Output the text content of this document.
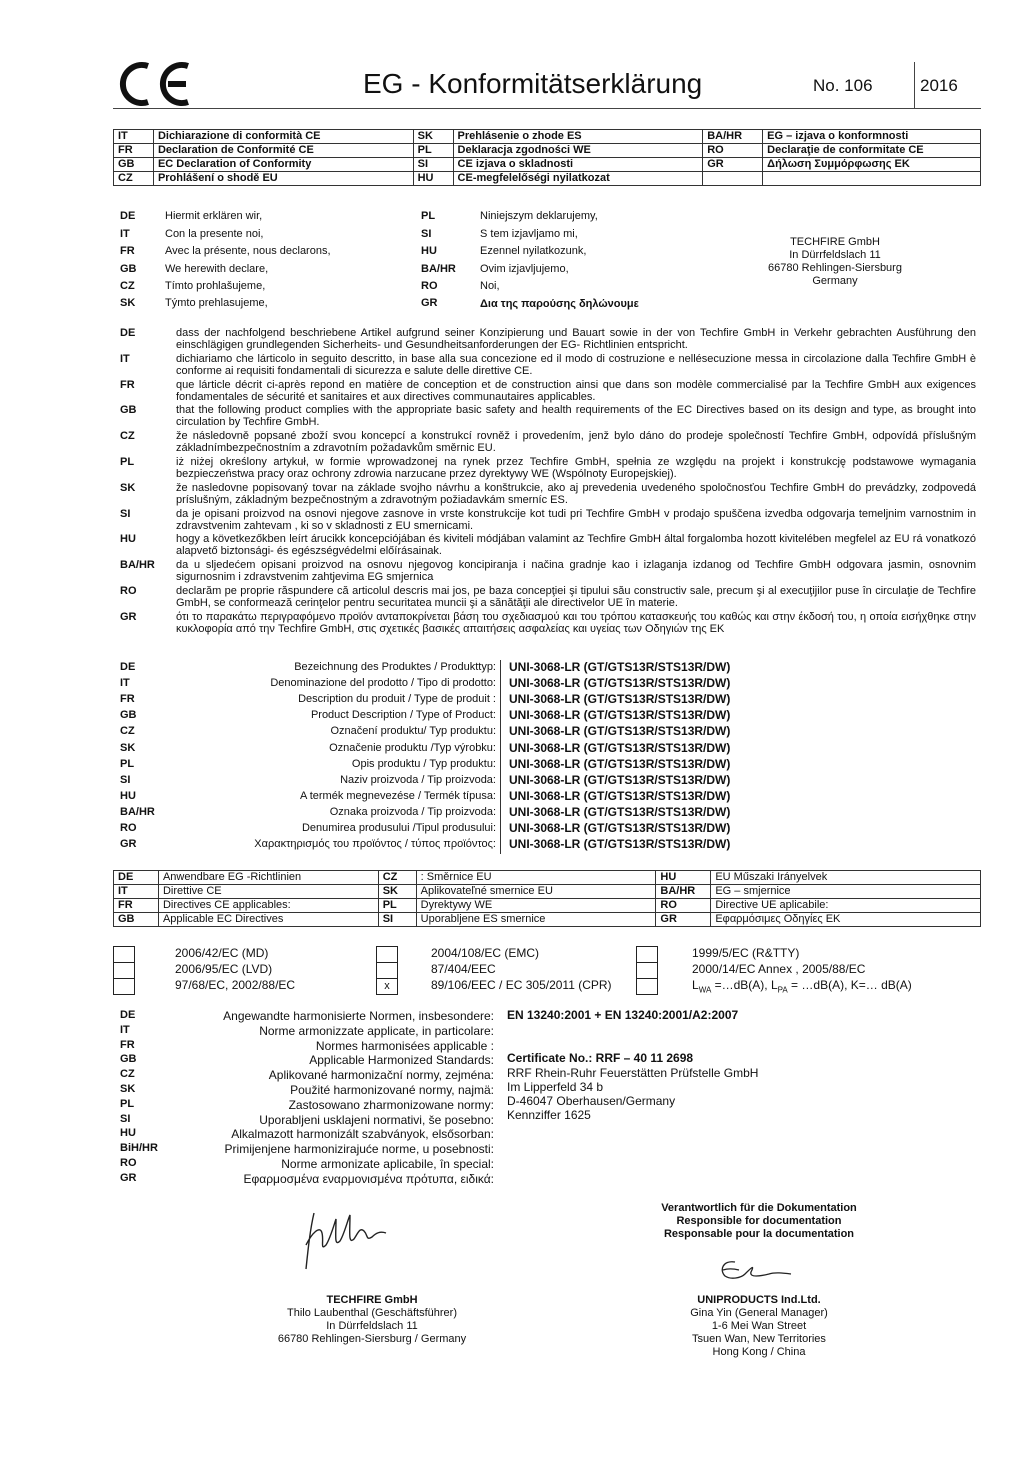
EG - Konformitätserklärung	No. 106	2016
IT	Dichiarazione di conformità CE	SK	Prehlásenie o zhode ES	BA/HR	EG – izjava o konformnosti
FR	Declaration de Conformité CE	PL	Deklaracja zgodności WE	RO	Declaraţie de conformitate CE
GB	EC Declaration of Conformity	SI	CE izjava o skladnosti	GR	Δήλωση Συμμόρφωσης ΕΚ
CZ	Prohlášení o shodě EU	HU	CE-megfelelőségi nyilatkozat		
DE	Hiermit erklären wir,
IT	Con la presente noi,
FR	Avec la présente, nous declarons,
GB	We herewith declare,
CZ	Tímto prohlašujeme,
SK	Týmto prehlasujeme,
PL	Niniejszym deklarujemy,
SI	S tem izjavljamo mi,
HU	Ezennel nyilatkozunk,
BA/HR Ovim izjavljujemo,
RO	Noi,
GR	Δια της παρούσης δηλώνουμε
TECHFIRE GmbH
In Dürrfeldslach 11
66780 Rehlingen-Siersburg
Germany
DE	dass der nachfolgend beschriebene Artikel aufgrund seiner Konzipierung und Bauart sowie in der von Techfire GmbH in Verkehr gebrachten Ausführung den einschlägigen grundlegenden Sicherheits- und Gesundheitsanforderungen der EG- Richtlinien entspricht.
IT	dichiariamo che lárticolo in seguito descritto, in base alla sua concezione ed il modo di costruzione e nellésecuzione messa in circolazione dalla Techfire GmbH è conforme ai requisiti fondamentali di sicurezza e salute delle direttive CE.
FR	que lárticle décrit ci-après repond en matière de conception et de construction ainsi que dans son modèle commercialisé par la Techfire GmbH aux exigences fondamentales de sécurité et sanitaires et aux directives communautaires applicables.
GB	that the following product complies with the appropriate basic safety and health requirements of the EC Directives based on its design and type, as brought into circulation by Techfire GmbH.
CZ	že následovně popsané zboží svou koncepcí a konstrukcí rovněž i provedením, jenž bylo dáno do prodeje společností Techfire GmbH, odpovídá příslušným základnímbezpečnostním a zdravotním požadavkům směrnic EU.
PL	iż niżej określony artykuł, w formie wprowadzonej na rynek przez Techfire GmbH, spełnia ze względu na projekt i konstrukcję podstawowe wymagania bezpieczeństwa pracy oraz ochrony zdrowia narzucane przez dyrektywy WE (Wspólnoty Europejskiej).
SK	že nasledovne popisovaný tovar na základe svojho návrhu a konštrukcie, ako aj prevedenia uvedeného spoločnosťou Techfire GmbH do prevádzky, zodpovedá príslušným, základným bezpečnostným a zdravotným požiadavkám smerníc ES.
SI	da je opisani proizvod na osnovi njegove zasnove in vrste konstrukcije kot tudi pri Techfire GmbH v prodajo spuščena izvedba odgovarja temeljnim varnostnim in zdravstvenim zahtevam , ki so v skladnosti z EU smernicami.
HU	hogy a következőkben leírt árucikk koncepciójában és kiviteli módjában valamint az Techfire GmbH által forgalomba hozott kivitelében megfelel az EU rá vonatkozó alapvető biztonsági- és egészségvédelmi előírásainak.
BA/HR da u sljedećem opisani proizvod na osnovu njegovog koncipiranja i načina gradnje kao i izlaganja izdanog od Techfire GmbH odgovara jasmin, osnovnim sigurnosnim i zdravstvenim zahtjevima EG smjernica
RO	declarăm pe proprie răspundere că articolul descris mai jos, pe baza concepţiei şi tipului său constructiv sale, precum şi al execuţijilor puse în circulaţie de Techfire GmbH, se conformează cerinţelor pentru securitatea muncii şi a sănătăţii ale directivelor UE în materie.
GR	ότι το παρακάτω περιγραφόμενο προϊόν ανταποκρίνεται βάση του σχεδιασμού και του τρόπου κατασκευής του καθώς και στην έκδοσή του, η οποία εισήχθηκε στην κυκλοφορία από την Techfire GmbH, στις σχετικές βασικές απαιτήσεις ασφαλείας και υγείας των Οδηγιών της ΕΚ
DE	Bezeichnung des Produktes / Produkttyp: UNI-3068-LR (GT/GTS13R/STS13R/DW)
IT	Denominazione del prodotto / Tipo di prodotto: UNI-3068-LR (GT/GTS13R/STS13R/DW)
FR	Description du produit / Type de produit : UNI-3068-LR (GT/GTS13R/STS13R/DW)
GB	Product Description / Type of Product: UNI-3068-LR (GT/GTS13R/STS13R/DW)
CZ	Označení produktu/ Typ produktu: UNI-3068-LR (GT/GTS13R/STS13R/DW)
SK	Označenie produktu /Typ výrobku: UNI-3068-LR (GT/GTS13R/STS13R/DW)
PL	Opis produktu / Typ produktu: UNI-3068-LR (GT/GTS13R/STS13R/DW)
SI	Naziv proizvoda / Tip proizvoda: UNI-3068-LR (GT/GTS13R/STS13R/DW)
HU	A termék megnevezése / Termék típusa: UNI-3068-LR (GT/GTS13R/STS13R/DW)
BA/HR	Oznaka proizvoda / Tip proizvoda: UNI-3068-LR (GT/GTS13R/STS13R/DW)
RO	Denumirea produsului /Tipul produsului: UNI-3068-LR (GT/GTS13R/STS13R/DW)
GR	Χαρακτηρισμός του προϊόντος / τύπος προϊόντος: UNI-3068-LR (GT/GTS13R/STS13R/DW)
DE	Anwendbare EG -Richtlinien	CZ	: Směrnice EU	HU	EU Műszaki Irányelvek
IT	Direttive CE	SK	Aplikovateľné smernice EU	BA/HR	EG – smjernice
FR	Directives CE applicables:	PL	Dyrektywy WE	RO	Directive UE aplicabile:
GB	Applicable EC Directives	SI	Uporabljene ES smernice	GR	Εφαρμόσιμες Οδηγίες ΕΚ
2006/42/EC (MD)
2006/95/EC (LVD)
97/68/EC, 2002/88/EC
2004/108/EC (EMC)
87/404/EEC
x	89/106/EEC / EC 305/2011 (CPR)
1999/5/EC (R&TTY)
2000/14/EC Annex , 2005/88/EC
$L_{WA}$ =…dB(A), $L_{PA}$ = …dB(A), K=… dB(A)
DE	Angewandte harmonisierte Normen, insbesondere:
IT	Norme armonizzate applicate, in particolare:
FR	Normes harmonisées applicable :
GB	Applicable Harmonized Standards:
CZ	Aplikované harmonizační normy, zejména:
SK	Použité harmonizované normy, najmä:
PL	Zastosowano zharmonizowane normy:
SI	Uporabljeni usklajeni normativi, še posebno:
HU	Alkalmazott harmonizált szabványok, elsősorban:
BiH/HR	Primijenjene harmonizirajuće norme, u posebnosti:
RO	Norme armonizate aplicabile, în special:
GR	Εφαρμοσμένα εναρμονισμένα πρότυπα, ειδικά:
EN 13240:2001 + EN 13240:2001/A2:2007
Certificate No.: RRF – 40 11 2698
RRF Rhein-Ruhr Feuerstätten Prüfstelle GmbH
Im Lipperfeld 34 b
D-46047 Oberhausen/Germany
Kennziffer 1625
Verantwortlich für die Dokumentation
Responsible for documentation
Responsable pour la documentation
TECHFIRE GmbH
Thilo Laubenthal (Geschäftsführer)
In Dürrfeldslach 11
66780 Rehlingen-Siersburg / Germany
UNIPRODUCTS Ind.Ltd.
Gina Yin (General Manager)
1-6 Mei Wan Street
Tsuen Wan, New Territories
Hong Kong / China
